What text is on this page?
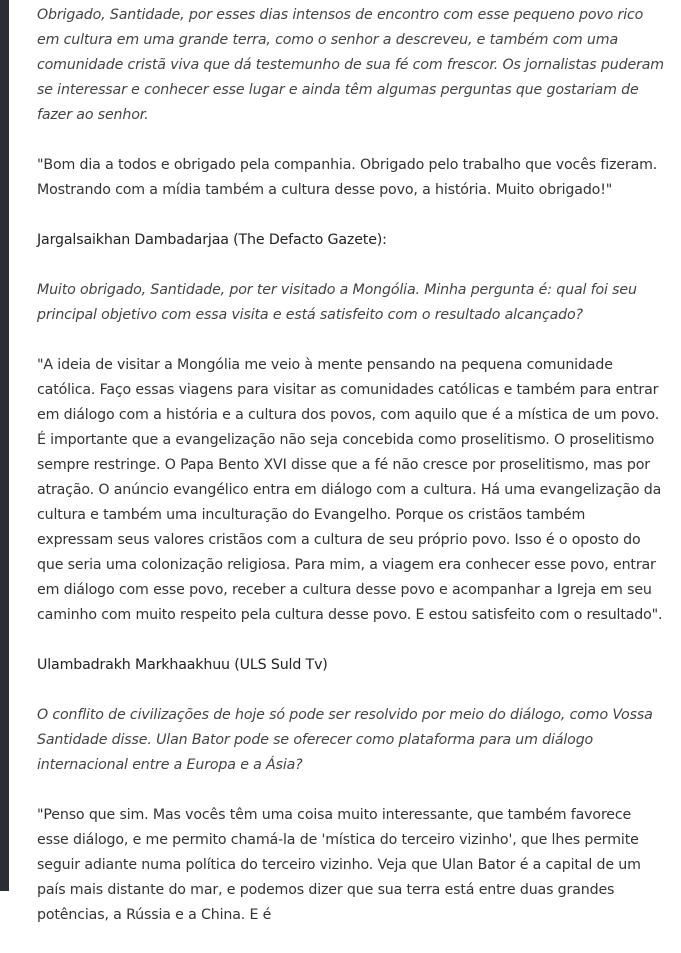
Obrigado, Santidade, por esses dias intensos de encontro com esse pequeno povo rico em cultura em uma grande terra, como o senhor a descreveu, e também com uma comunidade cristã viva que dá testemunho de sua fé com frescor. Os jornalistas puderam se interessar e conhecer esse lugar e ainda têm algumas perguntas que gostariam de fazer ao senhor.

"Bom dia a todos e obrigado pela companhia. Obrigado pelo trabalho que vocês fizeram. Mostrando com a mídia também a cultura desse povo, a história. Muito obrigado!"

Jargalsaikhan Dambadarjaa (The Defacto Gazete):

Muito obrigado, Santidade, por ter visitado a Mongólia. Minha pergunta é: qual foi seu principal objetivo com essa visita e está satisfeito com o resultado alcançado?

"A ideia de visitar a Mongólia me veio à mente pensando na pequena comunidade católica. Faço essas viagens para visitar as comunidades católicas e também para entrar em diálogo com a história e a cultura dos povos, com aquilo que é a mística de um povo. É importante que a evangelização não seja concebida como proselitismo. O proselitismo sempre restringe. O Papa Bento XVI disse que a fé não cresce por proselitismo, mas por atração. O anúncio evangélico entra em diálogo com a cultura. Há uma evangelização da cultura e também uma inculturação do Evangelho. Porque os cristãos também expressam seus valores cristãos com a cultura de seu próprio povo. Isso é o oposto do que seria uma colonização religiosa. Para mim, a viagem era conhecer esse povo, entrar em diálogo com esse povo, receber a cultura desse povo e acompanhar a Igreja em seu caminho com muito respeito pela cultura desse povo. E estou satisfeito com o resultado".

Ulambadrakh Markhaakhuu (ULS Suld Tv)

O conflito de civilizações de hoje só pode ser resolvido por meio do diálogo, como Vossa Santidade disse. Ulan Bator pode se oferecer como plataforma para um diálogo internacional entre a Europa e a Ásia?

"Penso que sim. Mas vocês têm uma coisa muito interessante, que também favorece esse diálogo, e me permito chamá-la de 'mística do terceiro vizinho', que lhes permite seguir adiante numa política do terceiro vizinho. Veja que Ulan Bator é a capital de um país mais distante do mar, e podemos dizer que sua terra está entre duas grandes potências, a Rússia e a China. E é
